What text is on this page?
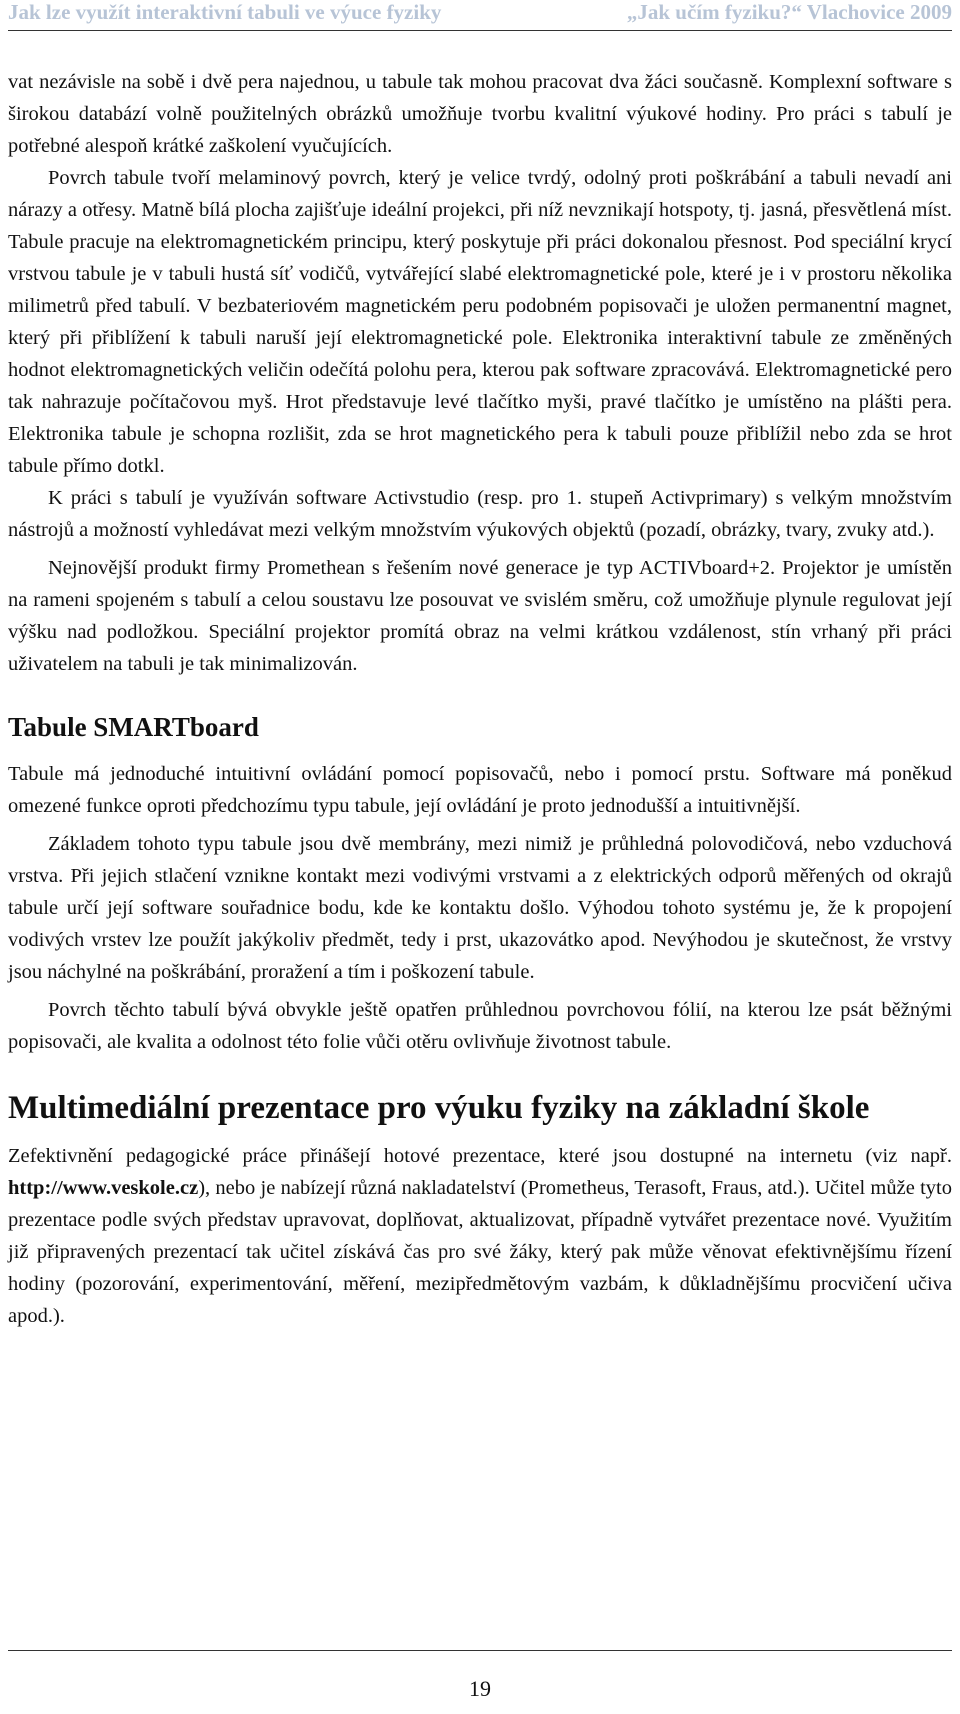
Jak lze využít interaktivní tabuli ve výuce fyziky	„Jak učím fyziku?“ Vlachovice 2009

vat nezávisle na sobě i dvě pera najednou, u tabule tak mohou pracovat dva žáci současně. Komplexní software s širokou databází volně použitelných obrázků umožňuje tvorbu kvalitní výukové hodiny. Pro práci s tabulí je potřebné alespoň krátké zaškolení vyučujících.

Povrch tabule tvoří melaminový povrch, který je velice tvrdý, odolný proti poškrábání a tabuli nevadí ani nárazy a otřesy. Matně bílá plocha zajišťuje ideální projekci, při níž nevznikají hotspoty, tj. jasná, přesvětlená míst. Tabule pracuje na elektromagnetickém principu, který poskytuje při práci dokonalou přesnost. Pod speciální krycí vrstvou tabule je v tabuli hustá síť vodičů, vytvářející slabé elektromagnetické pole, které je i v prostoru několika milimetrů před tabulí. V bezbateriovém magnetickém peru podobném popisovači je uložen permanentní magnet, který při přiblížení k tabuli naruší její elektromagnetické pole. Elektronika interaktivní tabule ze změněných hodnot elektromagnetických veličin odečítá polohu pera, kterou pak software zpracovává. Elektromagnetické pero tak nahrazuje počítačovou myš. Hrot představuje levé tlačítko myši, pravé tlačítko je umístěno na plášti pera. Elektronika tabule je schopna rozlišit, zda se hrot magnetického pera k tabuli pouze přiblížil nebo zda se hrot tabule přímo dotkl.

K práci s tabulí je využíván software Activstudio (resp. pro 1. stupeň Activprimary) s velkým množstvím nástrojů a možností vyhledávat mezi velkým množstvím výukových objektů (pozadí, obrázky, tvary, zvuky atd.).

Nejnovější produkt firmy Promethean s řešením nové generace je typ ACTIVboard+2. Projektor je umístěn na rameni spojeném s tabulí a celou soustavu lze posouvat ve svislém směru, což umožňuje plynule regulovat její výšku nad podložkou. Speciální projektor promítá obraz na velmi krátkou vzdálenost, stín vrhaný při práci uživatelem na tabuli je tak minimalizován.

Tabule SMARTboard

Tabule má jednoduché intuitivní ovládání pomocí popisovačů, nebo i pomocí prstu. Software má poněkud omezené funkce oproti předchozímu typu tabule, její ovládání je proto jednodušší a intuitivnější.

Základem tohoto typu tabule jsou dvě membrány, mezi nimiž je průhledná polovodičová, nebo vzduchová vrstva. Při jejich stlačení vznikne kontakt mezi vodivými vrstvami a z elektrických odporů měřených od okrajů tabule určí její software souřadnice bodu, kde ke kontaktu došlo. Výhodou tohoto systému je, že k propojení vodivých vrstev lze použít jakýkoliv předmět, tedy i prst, ukazovátko apod. Nevýhodou je skutečnost, že vrstvy jsou náchylné na poškrábání, proražení a tím i poškození tabule.

Povrch těchto tabulí bývá obvykle ještě opatřen průhlednou povrchovou fólií, na kterou lze psát běžnými popisovači, ale kvalita a odolnost této folie vůči otěru ovlivňuje životnost tabule.

Multimediální prezentace pro výuku fyziky na základní škole

Zefektivnění pedagogické práce přinášejí hotové prezentace, které jsou dostupné na internetu (viz např. http://www.veskole.cz), nebo je nabízejí různá nakladatelství (Prometheus, Terasoft, Fraus, atd.). Učitel může tyto prezentace podle svých představ upravovat, doplňovat, aktualizovat, případně vytvářet prezentace nové. Využitím již připravených prezentací tak učitel získává čas pro své žáky, který pak může věnovat efektivnějšímu řízení hodiny (pozorování, experimentování, měření, mezipředmětovým vazbám, k důkladnějšímu procvičení učiva apod.).

19
